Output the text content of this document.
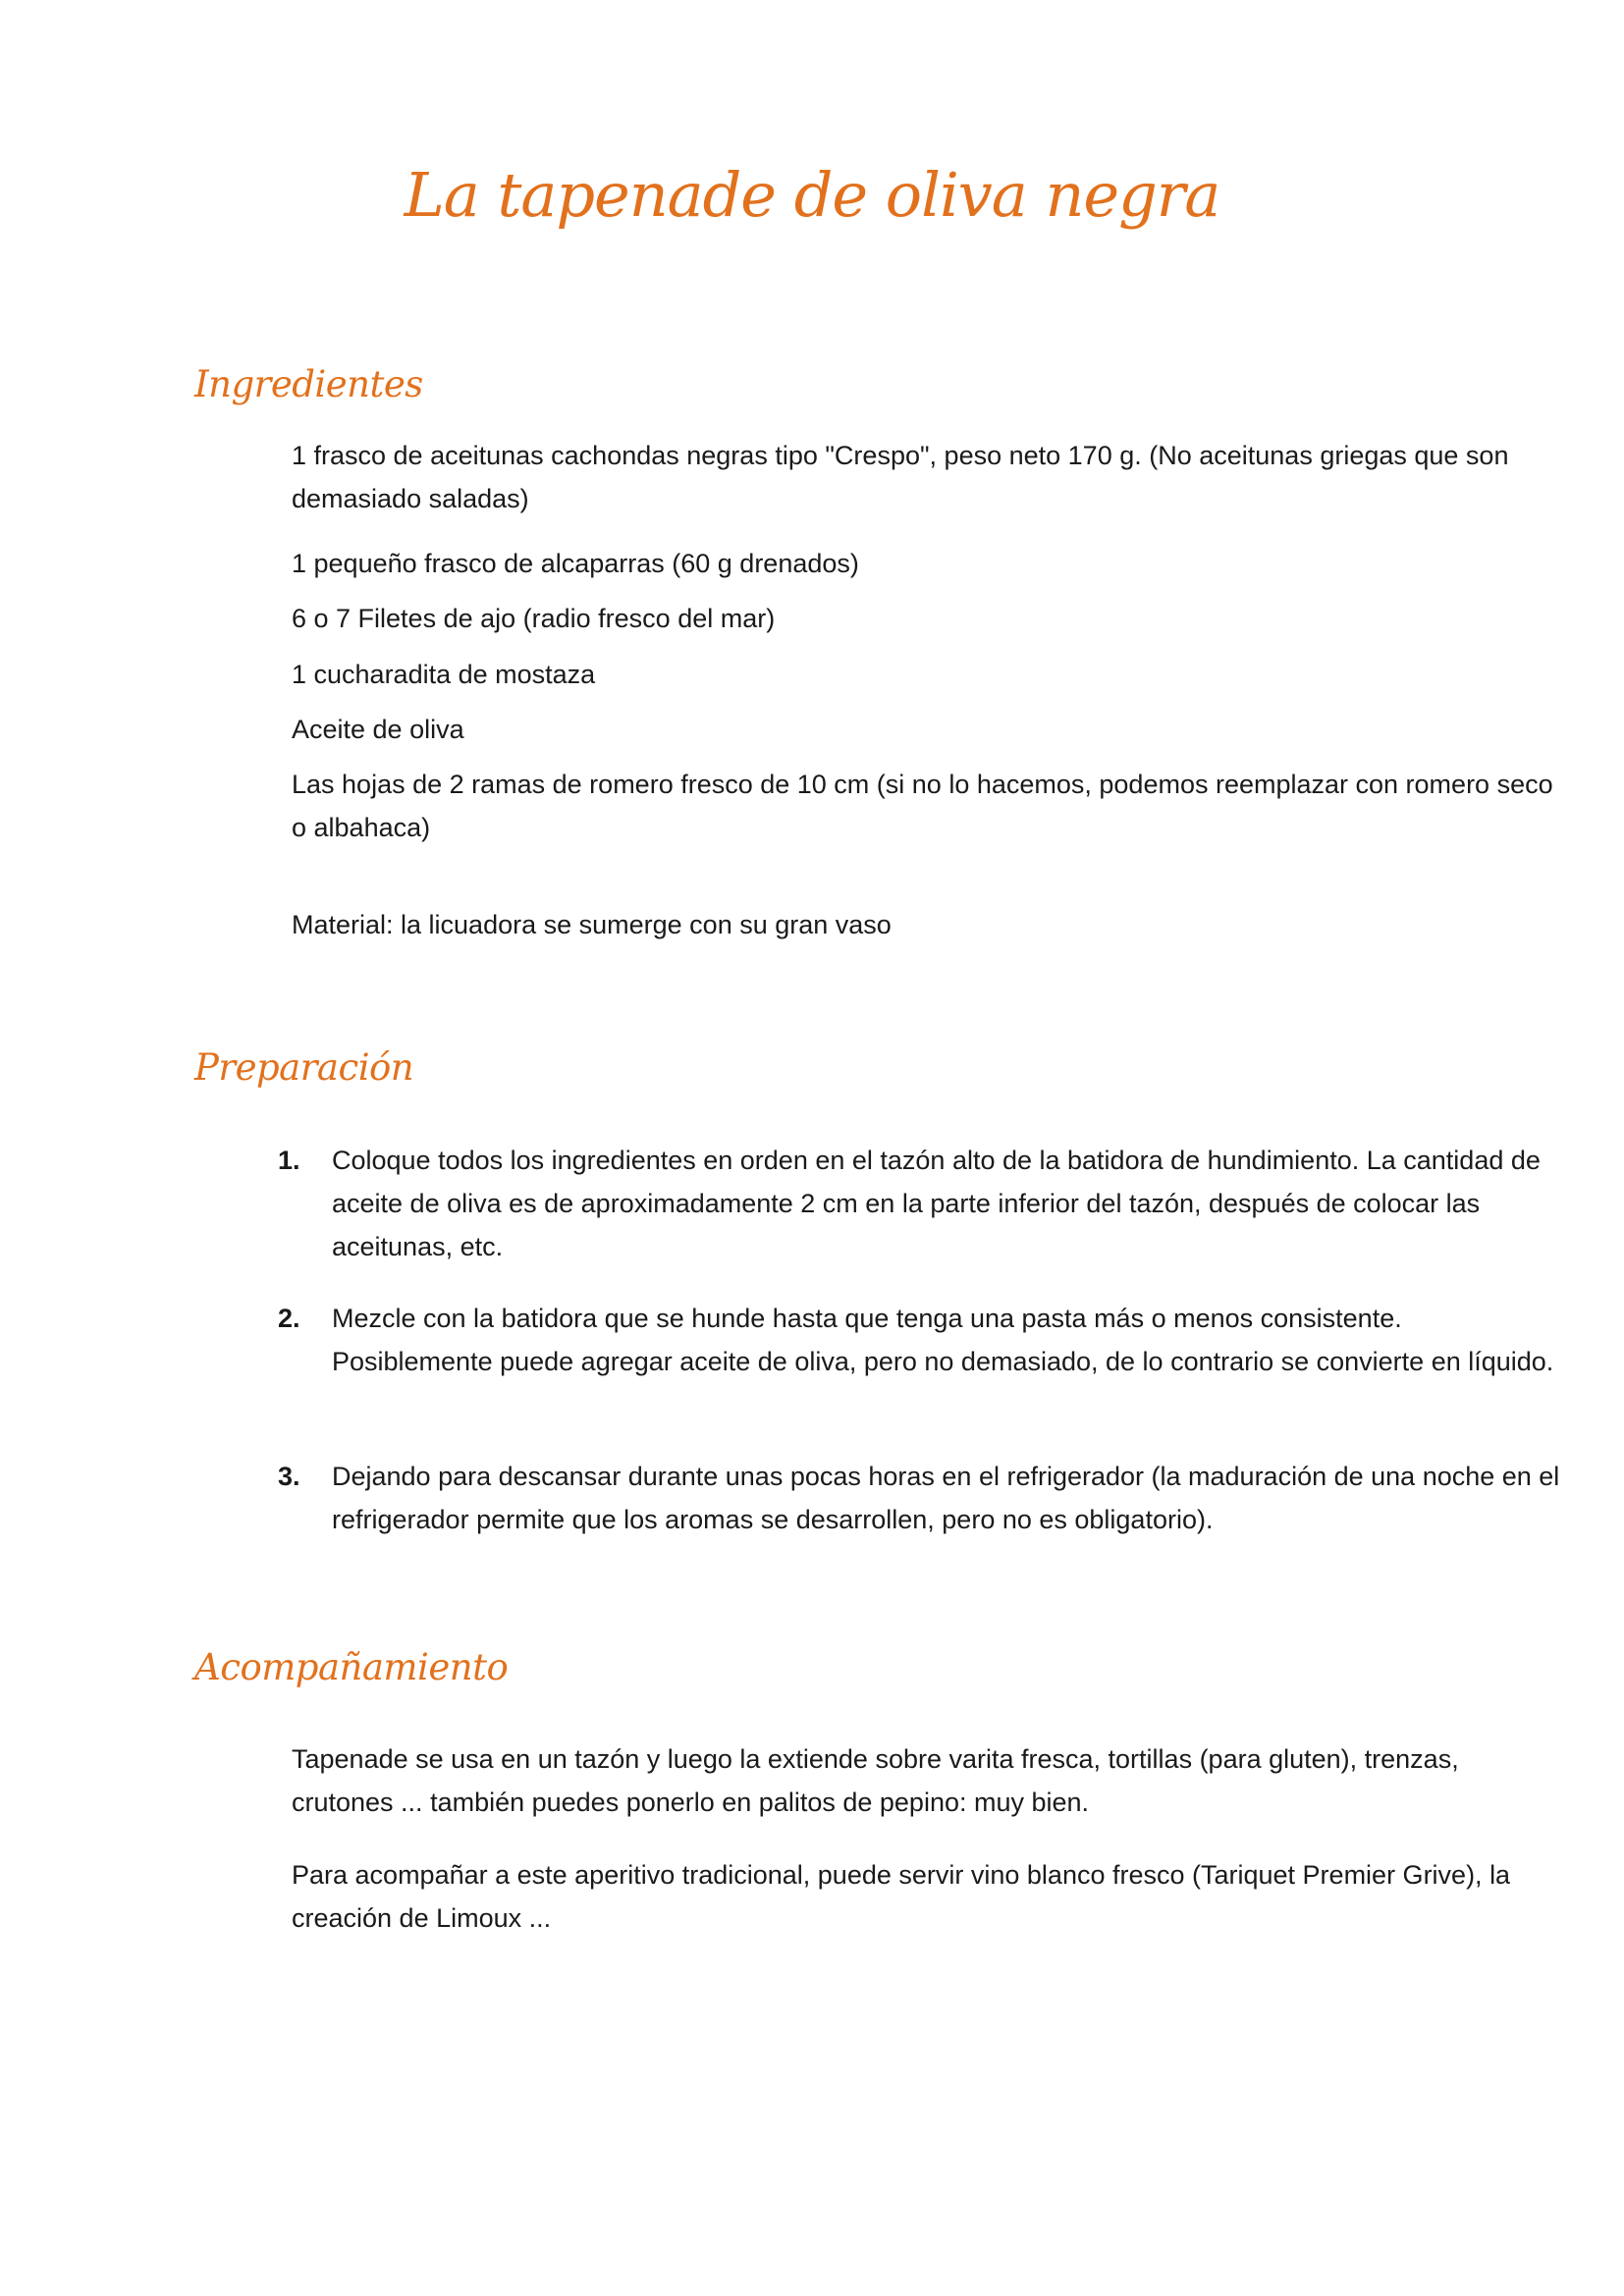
La tapenade de oliva negra
Ingredientes

1 frasco de aceitunas cachondas negras tipo "Crespo", peso neto 170 g. (No aceitunas griegas que son demasiado saladas)

1 pequeño frasco de alcaparras (60 g drenados)

6 o 7 Filetes de ajo (radio fresco del mar)

1 cucharadita de mostaza

Aceite de oliva

Las hojas de 2 ramas de romero fresco de 10 cm (si no lo hacemos, podemos reemplazar con romero seco o albahaca)

Material: la licuadora se sumerge con su gran vaso

Preparación
1. Coloque todos los ingredientes en orden en el tazón alto de la batidora de hundimiento. La cantidad de aceite de oliva es de aproximadamente 2 cm en la parte inferior del tazón, después de colocar las aceitunas, etc.
2. Mezcle con la batidora que se hunde hasta que tenga una pasta más o menos consistente. Posiblemente puede agregar aceite de oliva, pero no demasiado, de lo contrario se convierte en líquido.
3. Dejando para descansar durante unas pocas horas en el refrigerador (la maduración de una noche en el refrigerador permite que los aromas se desarrollen, pero no es obligatorio).
Acompañamiento

Tapenade se usa en un tazón y luego la extiende sobre varita fresca, tortillas (para gluten), trenzas, crutones ... también puedes ponerlo en palitos de pepino: muy bien.

Para acompañar a este aperitivo tradicional, puede servir vino blanco fresco (Tariquet Premier Grive), la creación de Limoux ...
